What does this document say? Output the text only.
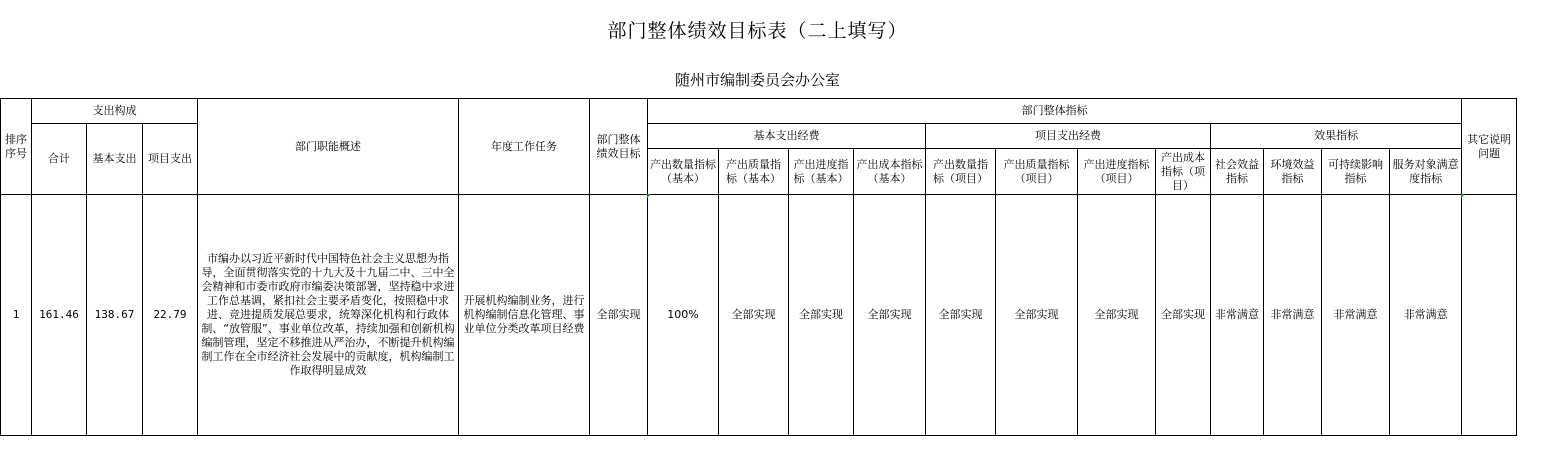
部门整体绩效目标表（二上填写）
随州市编制委员会办公室
排序序号	支出构成			部门职能概述	年度工作任务	部门整体绩效目标	部门整体指标												其它说明问题
	合计	基本支出	项目支出				基本支出经费				项目支出经费				效果指标				
							产出数量指标（基本）	产出质量指标（基本）	产出进度指标（基本）	产出成本指标（基本）	产出数量指标（项目）	产出质量指标（项目）	产出进度指标（项目）	产出成本指标（项目）	社会效益指标	环境效益指标	可持续影响指标	服务对象满意度指标	
1	161.46	138.67	22.79	市编办以习近平新时代中国特色社会主义思想为指导，全面贯彻落实党的十九大及十九届二中、三中全会精神和市委市政府市编委决策部署，坚持稳中求进工作总基调，紧扣社会主要矛盾变化，按照稳中求进、竞进提质发展总要求，统筹深化机构和行政体制、“放管服”、事业单位改革，持续加强和创新机构编制管理，坚定不移推进从严治办，不断提升机构编制工作在全市经济社会发展中的贡献度，机构编制工作取得明显成效	开展机构编制业务，进行机构编制信息化管理、事业单位分类改革项目经费	全部实现	100%	全部实现	全部实现	全部实现	全部实现	全部实现	全部实现	全部实现	非常满意	非常满意	非常满意	非常满意	
